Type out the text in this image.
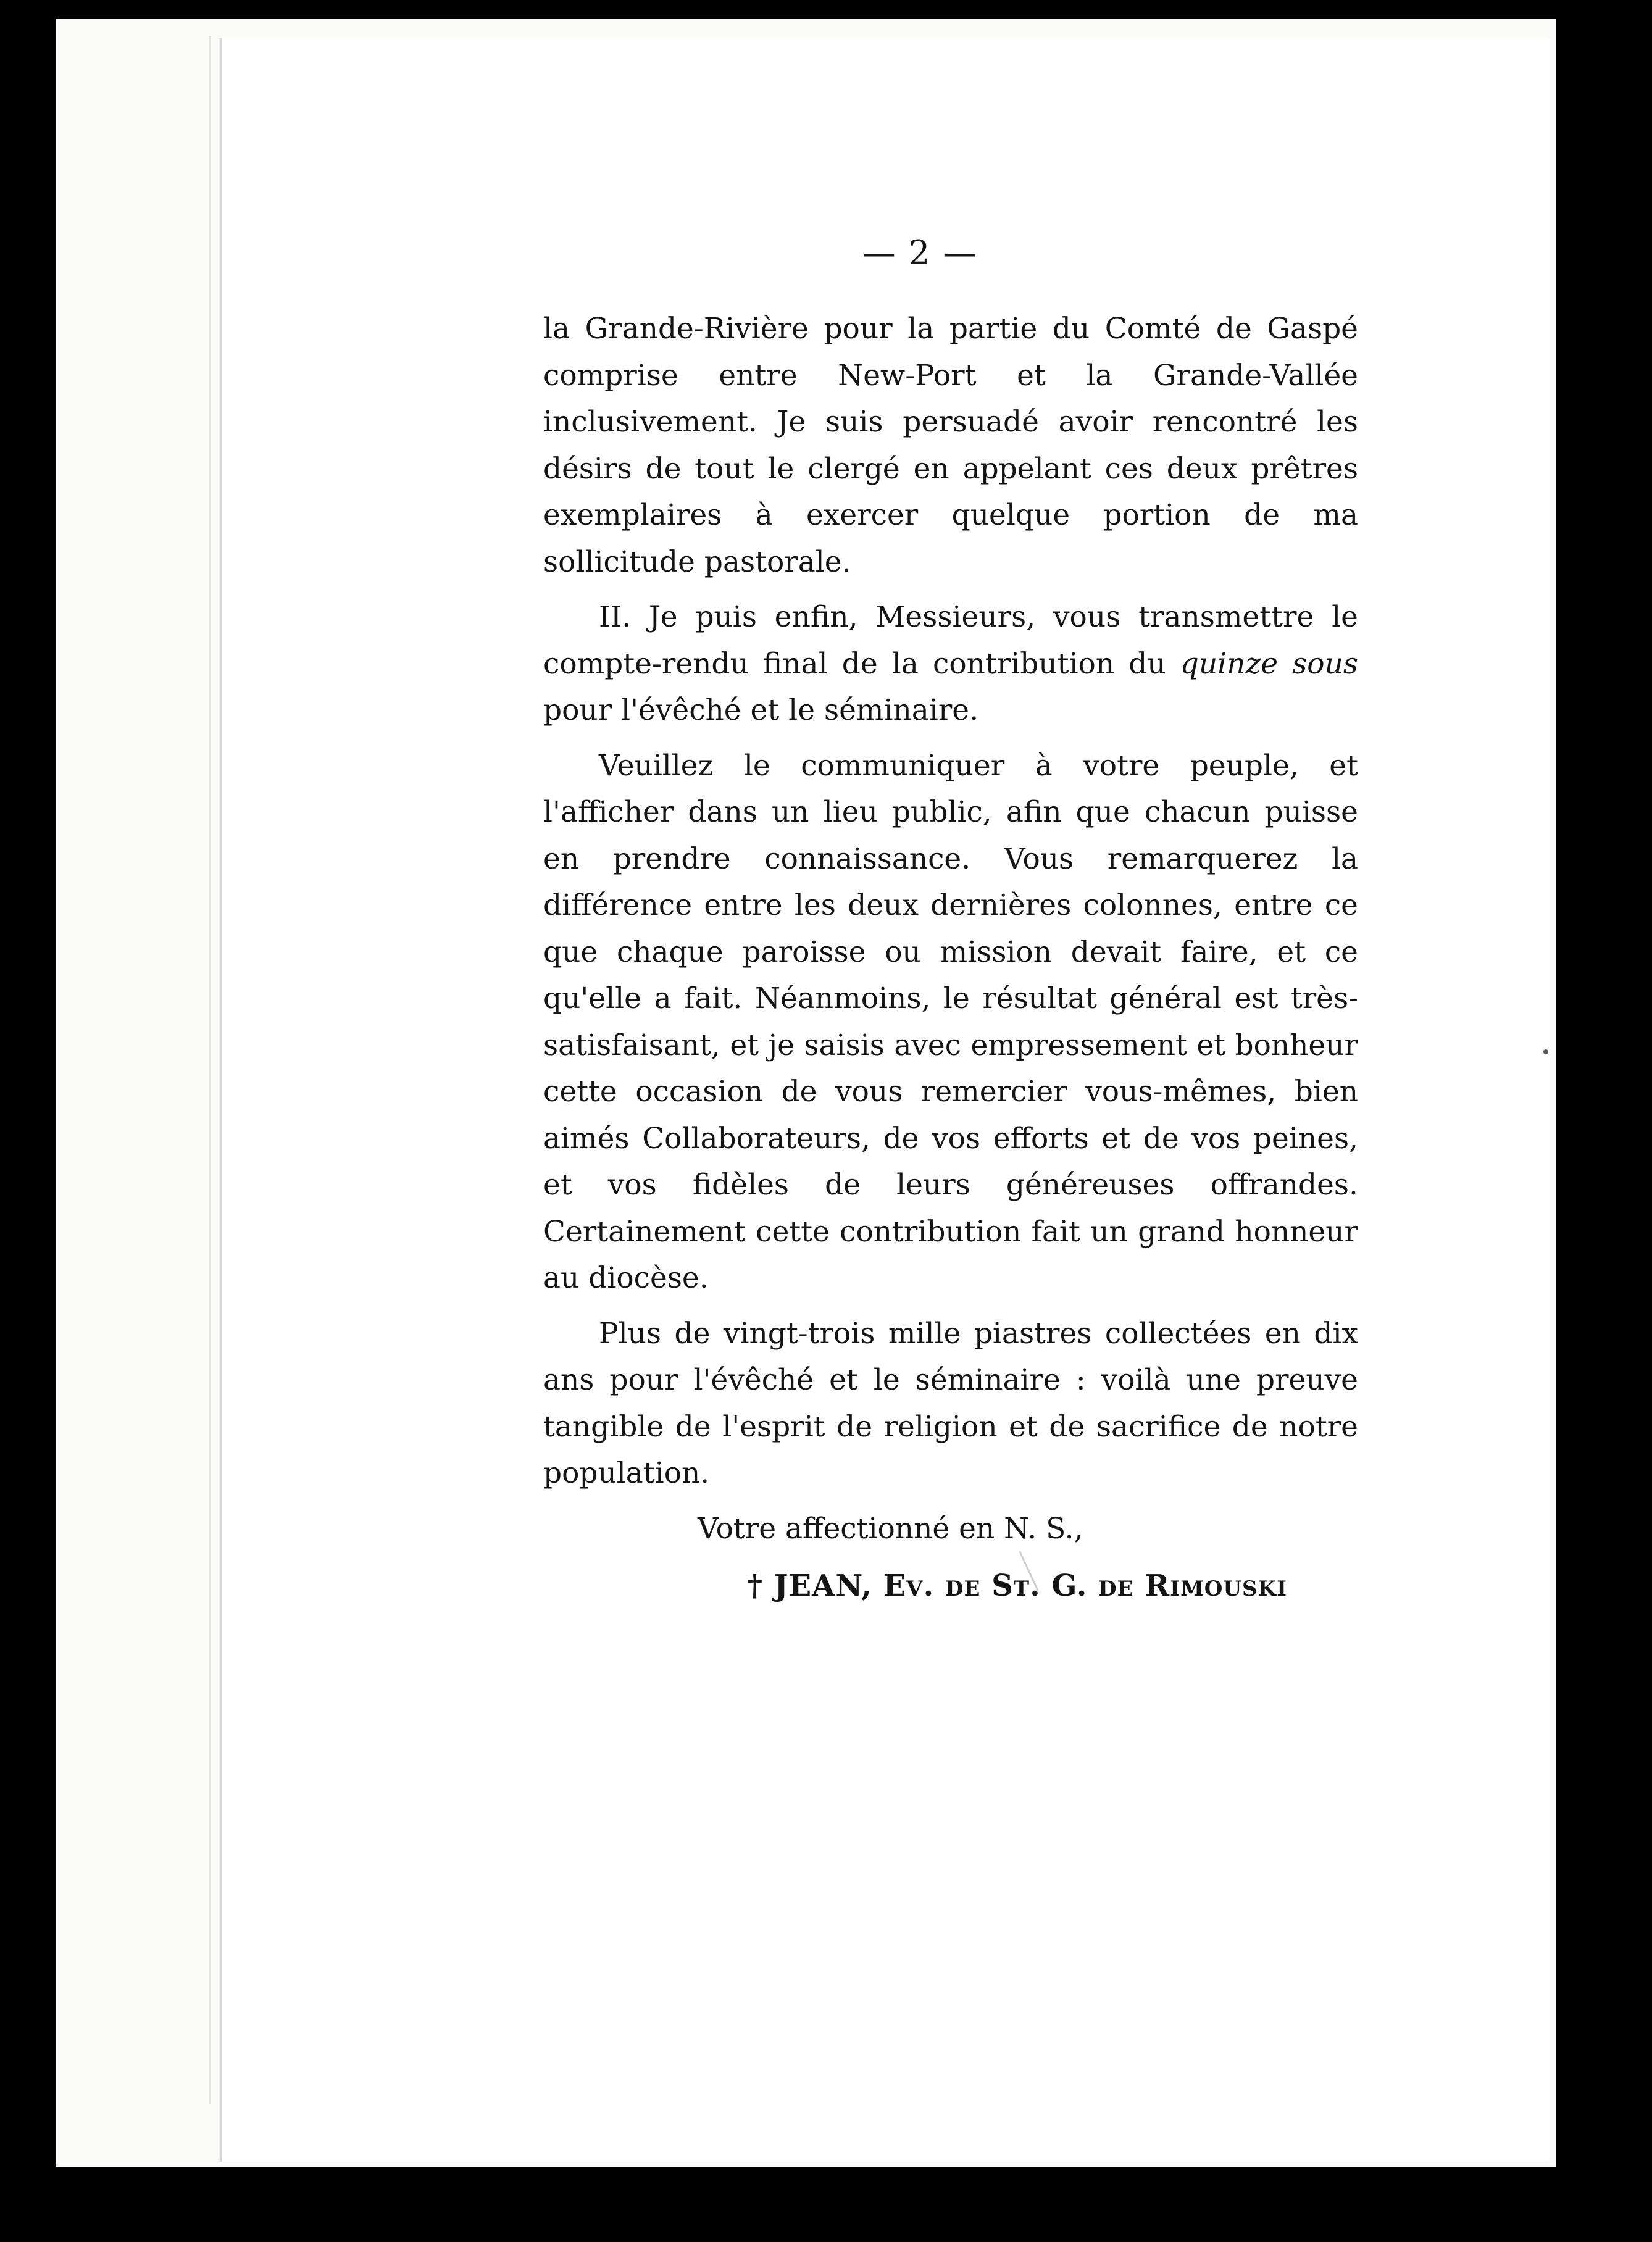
— 2 —

la Grande-Rivière pour la partie du Comté de Gaspé comprise entre New-Port et la Grande-Vallée inclusivement. Je suis persuadé avoir rencontré les désirs de tout le clergé en appelant ces deux prêtres exemplaires à exercer quelque portion de ma sollicitude pastorale.

II. Je puis enfin, Messieurs, vous transmettre le compte-rendu final de la contribution du quinze sous pour l'évêché et le séminaire.

Veuillez le communiquer à votre peuple, et l'afficher dans un lieu public, afin que chacun puisse en prendre connaissance. Vous remarquerez la différence entre les deux dernières colonnes, entre ce que chaque paroisse ou mission devait faire, et ce qu'elle a fait. Néanmoins, le résultat général est très-satisfaisant, et je saisis avec empressement et bonheur cette occasion de vous remercier vous-mêmes, bien aimés Collaborateurs, de vos efforts et de vos peines, et vos fidèles de leurs généreuses offrandes. Certainement cette contribution fait un grand honneur au diocèse.

Plus de vingt-trois mille piastres collectées en dix ans pour l'évêché et le séminaire : voilà une preuve tangible de l'esprit de religion et de sacrifice de notre population.

Votre affectionné en N. S.,
† JEAN, Ev. de St. G. de Rimouski
